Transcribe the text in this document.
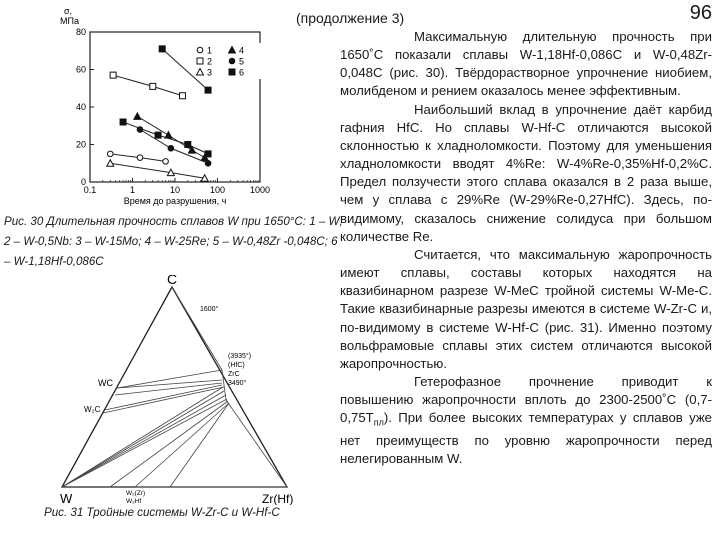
(продолжение 3)	96
0.1	1	10	100	1000
0
20
40
60
80
σ,
МПа
Время до разрушения, ч
1
2
3
4
5
6
Рис. 30 Длительная прочность сплавов W при 1650°С: 1 – W; 2 – W-0,5Nb: 3 – W-15Mo; 4 – W-25Re; 5 – W-0,48Zr -0,048C; 6 – W-1,18Hf-0,086C
C
1600°
(3935°)
(HfC)
ZrC
3490°
WC
W₂C
W	Zr(Hf)
W₂(Zr)
W₂Hf
Рис. 31 Тройные системы W-Zr-C и W-Hf-C

Максимальную длительную прочность при 1650˚С показали сплавы W-1,18Hf-0,086С и W-0,48Zr-0,048С (рис. 30). Твёрдорастворное упрочнение ниобием, молибденом и рением оказалось менее эффективным.

Наибольший вклад в упрочнение даёт карбид гафния HfC. Но сплавы W-Hf-C отличаются высокой склонностью к хладноломкости. Поэтому для уменьшения хладноломкости вводят 4%Re: W-4%Re-0,35%Hf-0,2%C. Предел ползучести этого сплава оказался в 2 раза выше, чем у сплава с 29%Re (W-29%Re-0,27HfC). Здесь, по-видимому, сказалось снижение солидуса при большом количестве Re.

Считается, что максимальную жаропрочность имеют сплавы, составы которых находятся на квазибинарном разрезе W-MeC тройной системы W-Me-C. Такие квазибинарные разрезы имеются в системе W-Zr-C и, по-видимому в системе W-Hf-C (рис. 31). Именно поэтому вольфрамовые сплавы этих систем отличаются высокой жаропрочностью.

Гетерофазное прочнение приводит к повышению жаропрочности вплоть до 2300-2500˚С $(0,7-0,75T_{пл})$. При более высоких температурах у сплавов уже нет преимуществ по уровню жаропрочности перед нелегированным W.
